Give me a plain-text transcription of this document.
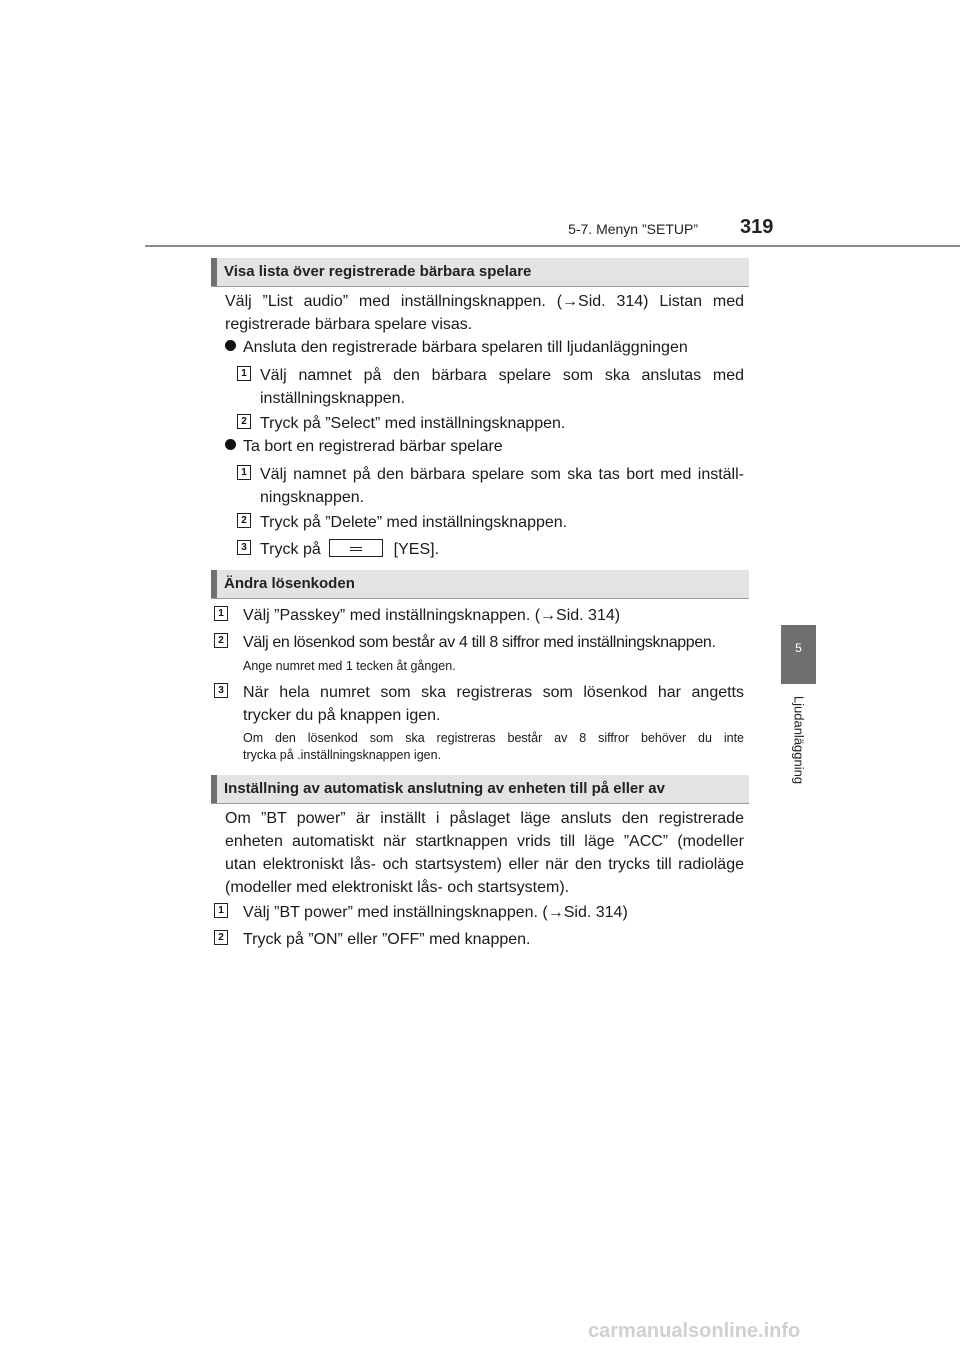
5-7. Menyn ”SETUP” 319
5
Ljudanläggning
Visa lista över registrerade bärbara spelare
Välj ”List audio” med inställningsknappen. (→Sid. 314) Listan med
registrerade bärbara spelare visas.
Ansluta den registrerade bärbara spelaren till ljudanläggningen
1 Välj namnet på den bärbara spelare som ska anslutas med
inställningsknappen.
2 Tryck på ”Select” med inställningsknappen.
Ta bort en registrerad bärbar spelare
1 Välj namnet på den bärbara spelare som ska tas bort med inställ-
ningsknappen.
2 Tryck på ”Delete” med inställningsknappen.
3 Tryck på	[YES].
Ändra lösenkoden
1 Välj ”Passkey” med inställningsknappen. (→Sid. 314)
2 Välj en lösenkod som består av 4 till 8 siffror med inställningsknappen.
Ange numret med 1 tecken åt gången.
3 När hela numret som ska registreras som lösenkod har angetts
trycker du på knappen igen.
Om den lösenkod som ska registreras består av 8 siffror behöver du inte
trycka på .inställningsknappen igen.
Inställning av automatisk anslutning av enheten till på eller av
Om ”BT power” är inställt i påslaget läge ansluts den registrerade
enheten automatiskt när startknappen vrids till läge ”ACC” (modeller
utan elektroniskt lås- och startsystem) eller när den trycks till radioläge
(modeller med elektroniskt lås- och startsystem).
1 Välj ”BT power” med inställningsknappen. (→Sid. 314)
2 Tryck på ”ON” eller ”OFF” med knappen.
carmanualsonline.info
